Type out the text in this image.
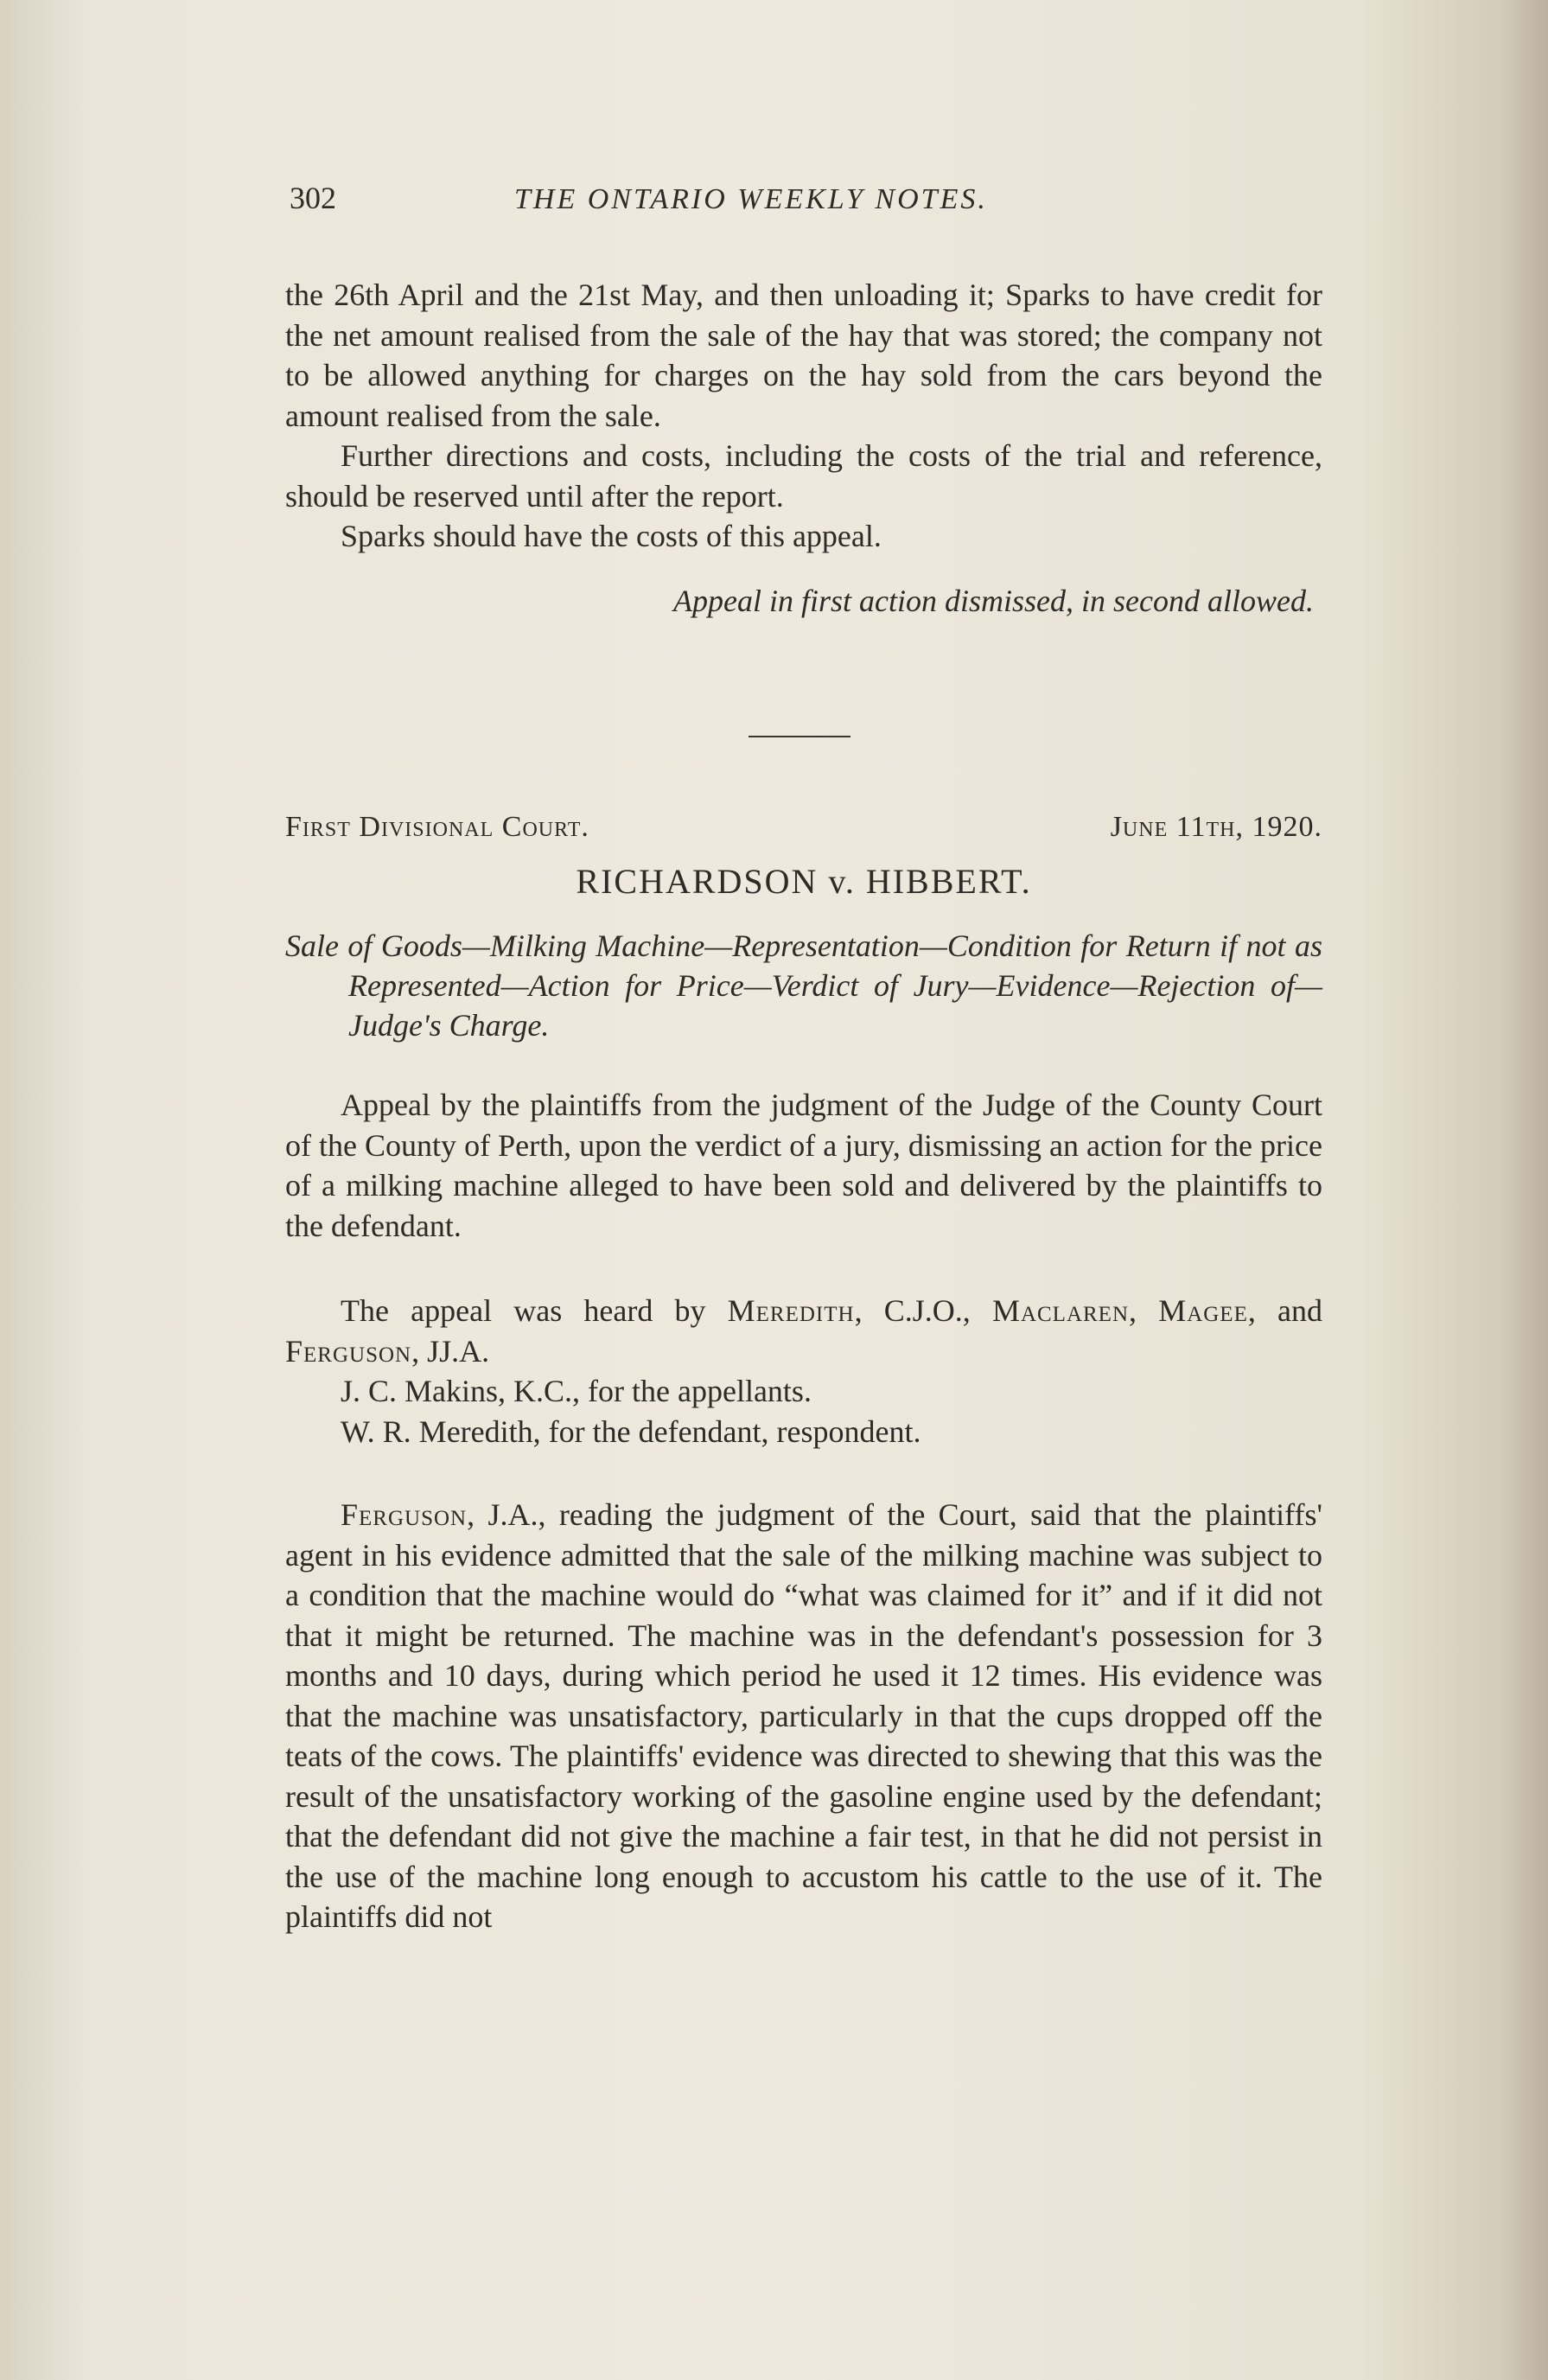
302	THE ONTARIO WEEKLY NOTES.

the 26th April and the 21st May, and then unloading it; Sparks to have credit for the net amount realised from the sale of the hay that was stored; the company not to be allowed anything for charges on the hay sold from the cars beyond the amount realised from the sale.

Further directions and costs, including the costs of the trial and reference, should be reserved until after the report.

Sparks should have the costs of this appeal.

Appeal in first action dismissed, in second allowed.

First Divisional Court.	June 11th, 1920.
RICHARDSON v. HIBBERT.

Sale of Goods—Milking Machine—Representation—Condition for Return if not as Represented—Action for Price—Verdict of Jury—Evidence—Rejection of—Judge's Charge.

Appeal by the plaintiffs from the judgment of the Judge of the County Court of the County of Perth, upon the verdict of a jury, dismissing an action for the price of a milking machine alleged to have been sold and delivered by the plaintiffs to the defendant.

The appeal was heard by Meredith, C.J.O., Maclaren, Magee, and Ferguson, JJ.A.

J. C. Makins, K.C., for the appellants.

W. R. Meredith, for the defendant, respondent.

Ferguson, J.A., reading the judgment of the Court, said that the plaintiffs' agent in his evidence admitted that the sale of the milking machine was subject to a condition that the machine would do “what was claimed for it” and if it did not that it might be returned. The machine was in the defendant's possession for 3 months and 10 days, during which period he used it 12 times. His evidence was that the machine was unsatisfactory, particularly in that the cups dropped off the teats of the cows. The plaintiffs' evidence was directed to shewing that this was the result of the unsatisfactory working of the gasoline engine used by the defendant; that the defendant did not give the machine a fair test, in that he did not persist in the use of the machine long enough to accustom his cattle to the use of it. The plaintiffs did not
